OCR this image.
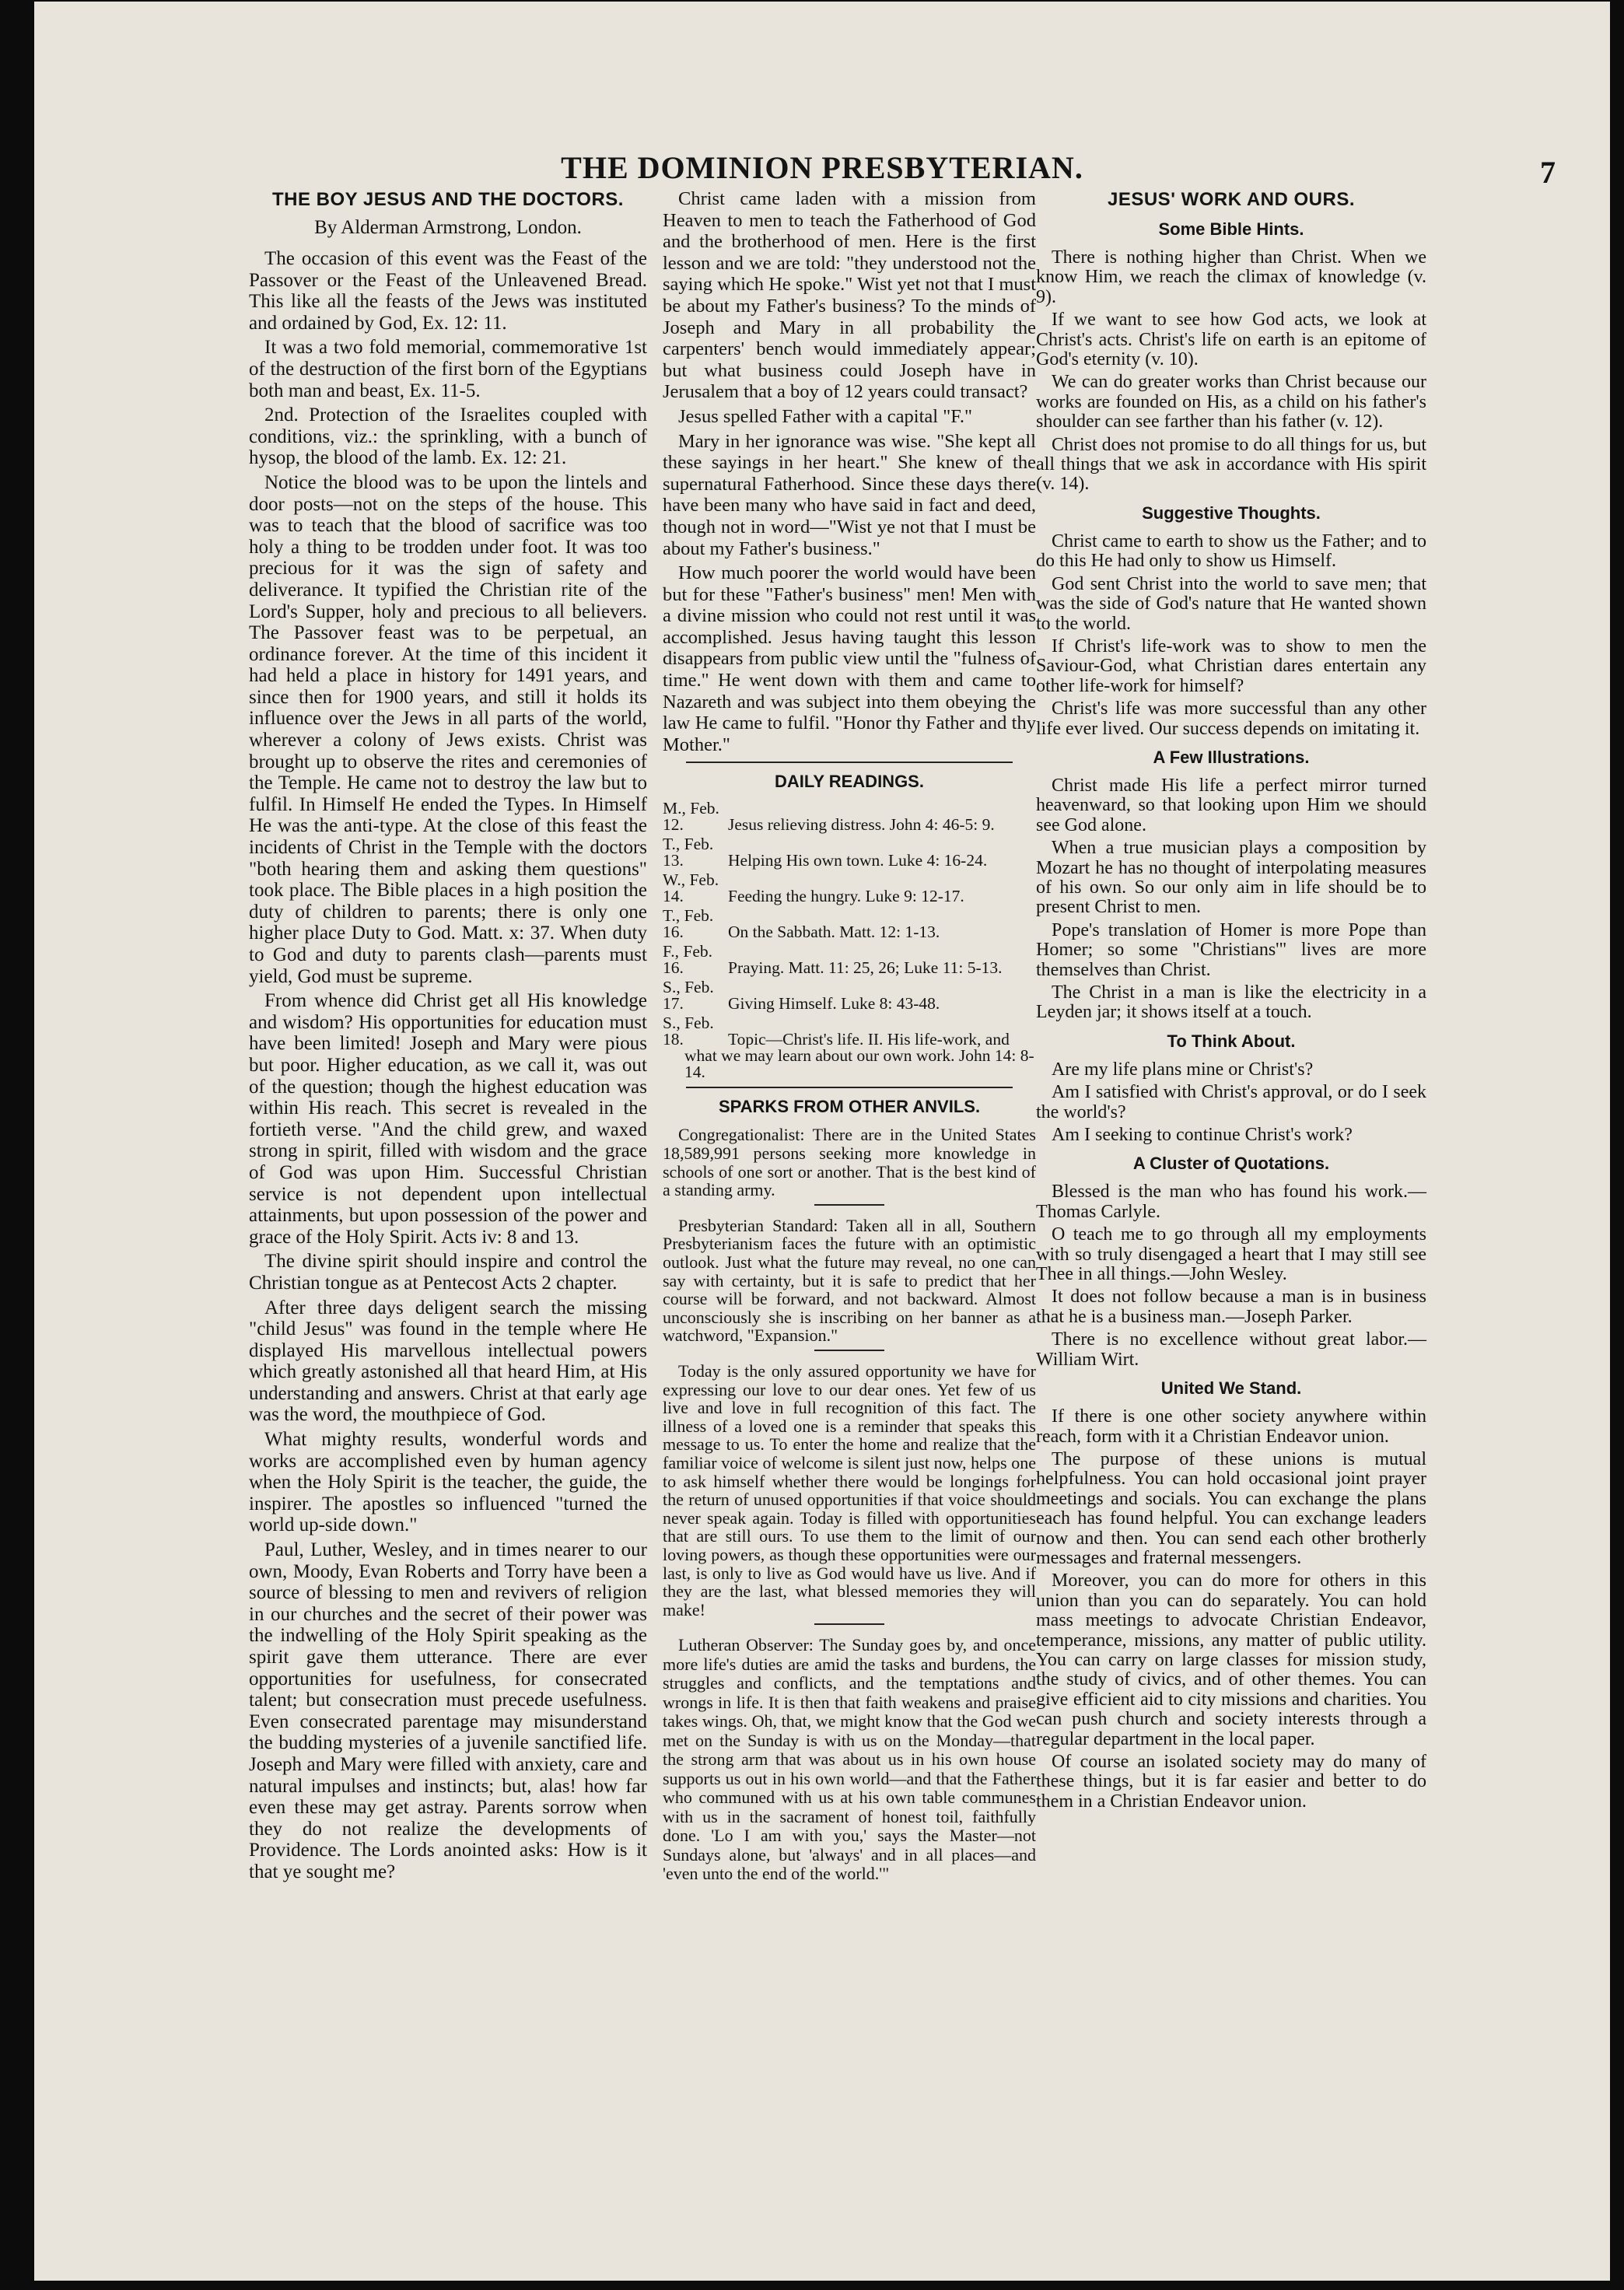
THE DOMINION PRESBYTERIAN.	7
THE BOY JESUS AND THE DOCTORS.
By Alderman Armstrong, London.

The occasion of this event was the Feast of the Passover or the Feast of the Unleavened Bread. This like all the feasts of the Jews was instituted and ordained by God, Ex. 12: 11.

It was a two fold memorial, commemorative 1st of the destruction of the first born of the Egyptians both man and beast, Ex. 11-5.

2nd. Protection of the Israelites coupled with conditions, viz.: the sprinkling, with a bunch of hysop, the blood of the lamb. Ex. 12: 21.

Notice the blood was to be upon the lintels and door posts—not on the steps of the house. This was to teach that the blood of sacrifice was too holy a thing to be trodden under foot. It was too precious for it was the sign of safety and deliverance. It typified the Christian rite of the Lord's Supper, holy and precious to all believers. The Passover feast was to be perpetual, an ordinance forever. At the time of this incident it had held a place in history for 1491 years, and since then for 1900 years, and still it holds its influence over the Jews in all parts of the world, wherever a colony of Jews exists. Christ was brought up to observe the rites and ceremonies of the Temple. He came not to destroy the law but to fulfil. In Himself He ended the Types. In Himself He was the anti-type. At the close of this feast the incidents of Christ in the Temple with the doctors "both hearing them and asking them questions" took place. The Bible places in a high position the duty of children to parents; there is only one higher place Duty to God. Matt. x: 37. When duty to God and duty to parents clash—parents must yield, God must be supreme.

From whence did Christ get all His knowledge and wisdom? His opportunities for education must have been limited! Joseph and Mary were pious but poor. Higher education, as we call it, was out of the question; though the highest education was within His reach. This secret is revealed in the fortieth verse. "And the child grew, and waxed strong in spirit, filled with wisdom and the grace of God was upon Him. Successful Christian service is not dependent upon intellectual attainments, but upon possession of the power and grace of the Holy Spirit. Acts iv: 8 and 13.

The divine spirit should inspire and control the Christian tongue as at Pentecost Acts 2 chapter.

After three days deligent search the missing "child Jesus" was found in the temple where He displayed His marvellous intellectual powers which greatly astonished all that heard Him, at His understanding and answers. Christ at that early age was the word, the mouthpiece of God.

What mighty results, wonderful words and works are accomplished even by human agency when the Holy Spirit is the teacher, the guide, the inspirer. The apostles so influenced "turned the world up-side down."

Paul, Luther, Wesley, and in times nearer to our own, Moody, Evan Roberts and Torry have been a source of blessing to men and revivers of religion in our churches and the secret of their power was the indwelling of the Holy Spirit speaking as the spirit gave them utterance. There are ever opportunities for usefulness, for consecrated talent; but consecration must precede usefulness. Even consecrated parentage may misunderstand the budding mysteries of a juvenile sanctified life. Joseph and Mary were filled with anxiety, care and natural impulses and instincts; but, alas! how far even these may get astray. Parents sorrow when they do not realize the developments of Providence. The Lords anointed asks: How is it that ye sought me?

Christ came laden with a mission from Heaven to men to teach the Fatherhood of God and the brotherhood of men. Here is the first lesson and we are told: "they understood not the saying which He spoke." Wist yet not that I must be about my Father's business? To the minds of Joseph and Mary in all probability the carpenters' bench would immediately appear; but what business could Joseph have in Jerusalem that a boy of 12 years could transact?

Jesus spelled Father with a capital "F."

Mary in her ignorance was wise. "She kept all these sayings in her heart." She knew of the supernatural Fatherhood. Since these days there have been many who have said in fact and deed, though not in word—"Wist ye not that I must be about my Father's business."

How much poorer the world would have been but for these "Father's business" men! Men with a divine mission who could not rest until it was accomplished. Jesus having taught this lesson disappears from public view until the "fulness of time." He went down with them and came to Nazareth and was subject into them obeying the law He came to fulfil. "Honor thy Father and thy Mother."

DAILY READINGS.
M., Feb. 12.	Jesus relieving distress. John 4: 46-5: 9.
T., Feb. 13.	Helping His own town. Luke 4: 16-24.
W., Feb. 14.	Feeding the hungry. Luke 9: 12-17.
T., Feb. 16.	On the Sabbath. Matt. 12: 1-13.
F., Feb. 16.	Praying. Matt. 11: 25, 26; Luke 11: 5-13.
S., Feb. 17.	Giving Himself. Luke 8: 43-48.
S., Feb. 18.	Topic—Christ's life. II. His life-work, and what we may learn about our own work. John 14: 8-14.
SPARKS FROM OTHER ANVILS.

Congregationalist: There are in the United States 18,589,991 persons seeking more knowledge in schools of one sort or another. That is the best kind of a standing army.

Presbyterian Standard: Taken all in all, Southern Presbyterianism faces the future with an optimistic outlook. Just what the future may reveal, no one can say with certainty, but it is safe to predict that her course will be forward, and not backward. Almost unconsciously she is inscribing on her banner as a watchword, "Expansion."

Today is the only assured opportunity we have for expressing our love to our dear ones. Yet few of us live and love in full recognition of this fact. The illness of a loved one is a reminder that speaks this message to us. To enter the home and realize that the familiar voice of welcome is silent just now, helps one to ask himself whether there would be longings for the return of unused opportunities if that voice should never speak again. Today is filled with opportunities that are still ours. To use them to the limit of our loving powers, as though these opportunities were our last, is only to live as God would have us live. And if they are the last, what blessed memories they will make!

Lutheran Observer: The Sunday goes by, and once more life's duties are amid the tasks and burdens, the struggles and conflicts, and the temptations and wrongs in life. It is then that faith weakens and praise takes wings. Oh, that, we might know that the God we met on the Sunday is with us on the Monday—that the strong arm that was about us in his own house supports us out in his own world—and that the Father who communed with us at his own table communes with us in the sacrament of honest toil, faithfully done. 'Lo I am with you,' says the Master—not Sundays alone, but 'always' and in all places—and 'even unto the end of the world.'"

JESUS' WORK AND OURS.
Some Bible Hints.

There is nothing higher than Christ. When we know Him, we reach the climax of knowledge (v. 9).

If we want to see how God acts, we look at Christ's acts. Christ's life on earth is an epitome of God's eternity (v. 10).

We can do greater works than Christ because our works are founded on His, as a child on his father's shoulder can see farther than his father (v. 12).

Christ does not promise to do all things for us, but all things that we ask in accordance with His spirit (v. 14).

Suggestive Thoughts.

Christ came to earth to show us the Father; and to do this He had only to show us Himself.

God sent Christ into the world to save men; that was the side of God's nature that He wanted shown to the world.

If Christ's life-work was to show to men the Saviour-God, what Christian dares entertain any other life-work for himself?

Christ's life was more successful than any other life ever lived. Our success depends on imitating it.

A Few Illustrations.

Christ made His life a perfect mirror turned heavenward, so that looking upon Him we should see God alone.

When a true musician plays a composition by Mozart he has no thought of interpolating measures of his own. So our only aim in life should be to present Christ to men.

Pope's translation of Homer is more Pope than Homer; so some "Christians'" lives are more themselves than Christ.

The Christ in a man is like the electricity in a Leyden jar; it shows itself at a touch.

To Think About.

Are my life plans mine or Christ's?

Am I satisfied with Christ's approval, or do I seek the world's?

Am I seeking to continue Christ's work?

A Cluster of Quotations.

Blessed is the man who has found his work.—Thomas Carlyle.

O teach me to go through all my employments with so truly disengaged a heart that I may still see Thee in all things.—John Wesley.

It does not follow because a man is in business that he is a business man.—Joseph Parker.

There is no excellence without great labor.—William Wirt.

United We Stand.

If there is one other society anywhere within reach, form with it a Christian Endeavor union.

The purpose of these unions is mutual helpfulness. You can hold occasional joint prayer meetings and socials. You can exchange the plans each has found helpful. You can exchange leaders now and then. You can send each other brotherly messages and fraternal messengers.

Moreover, you can do more for others in this union than you can do separately. You can hold mass meetings to advocate Christian Endeavor, temperance, missions, any matter of public utility. You can carry on large classes for mission study, the study of civics, and of other themes. You can give efficient aid to city missions and charities. You can push church and society interests through a regular department in the local paper.

Of course an isolated society may do many of these things, but it is far easier and better to do them in a Christian Endeavor union.
